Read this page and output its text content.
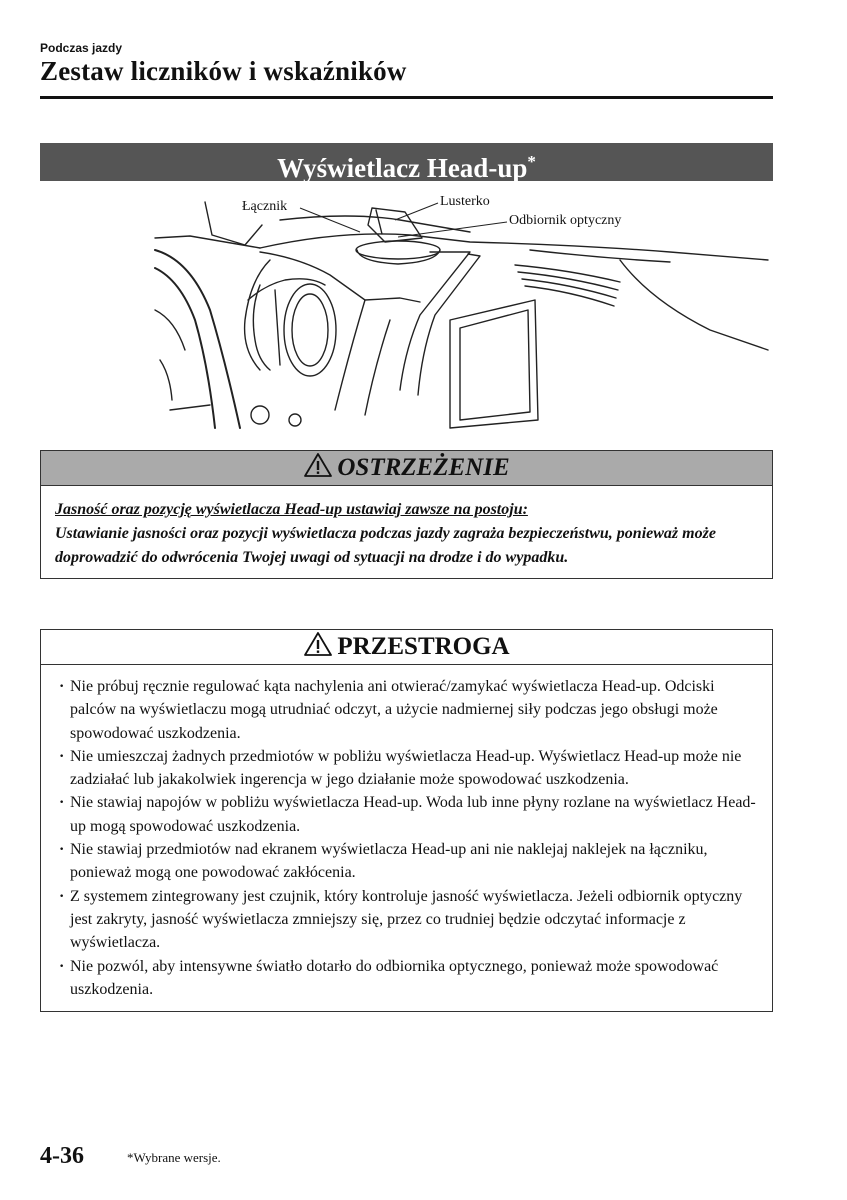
Podczas jazdy
Zestaw liczników i wskaźników
Wyświetlacz Head-up*
Łącznik	Lusterko
Odbiornik optyczny
OSTRZEŻENIE
Jasność oraz pozycję wyświetlacza Head-up ustawiaj zawsze na postoju:
Ustawianie jasności oraz pozycji wyświetlacza podczas jazdy zagraża bezpieczeństwu, ponieważ może doprowadzić do odwrócenia Twojej uwagi od sytuacji na drodze i do wypadku.
PRZESTROGA
· Nie próbuj ręcznie regulować kąta nachylenia ani otwierać/zamykać wyświetlacza Head-up. Odciski palców na wyświetlaczu mogą utrudniać odczyt, a użycie nadmiernej siły podczas jego obsługi może spowodować uszkodzenia.
· Nie umieszczaj żadnych przedmiotów w pobliżu wyświetlacza Head-up. Wyświetlacz Head-up może nie zadziałać lub jakakolwiek ingerencja w jego działanie może spowodować uszkodzenia.
· Nie stawiaj napojów w pobliżu wyświetlacza Head-up. Woda lub inne płyny rozlane na wyświetlacz Head-up mogą spowodować uszkodzenia.
· Nie stawiaj przedmiotów nad ekranem wyświetlacza Head-up ani nie naklejaj naklejek na łączniku, ponieważ mogą one powodować zakłócenia.
· Z systemem zintegrowany jest czujnik, który kontroluje jasność wyświetlacza. Jeżeli odbiornik optyczny jest zakryty, jasność wyświetlacza zmniejszy się, przez co trudniej będzie odczytać informacje z wyświetlacza.
· Nie pozwól, aby intensywne światło dotarło do odbiornika optycznego, ponieważ może spowodować uszkodzenia.
4-36	*Wybrane wersje.
